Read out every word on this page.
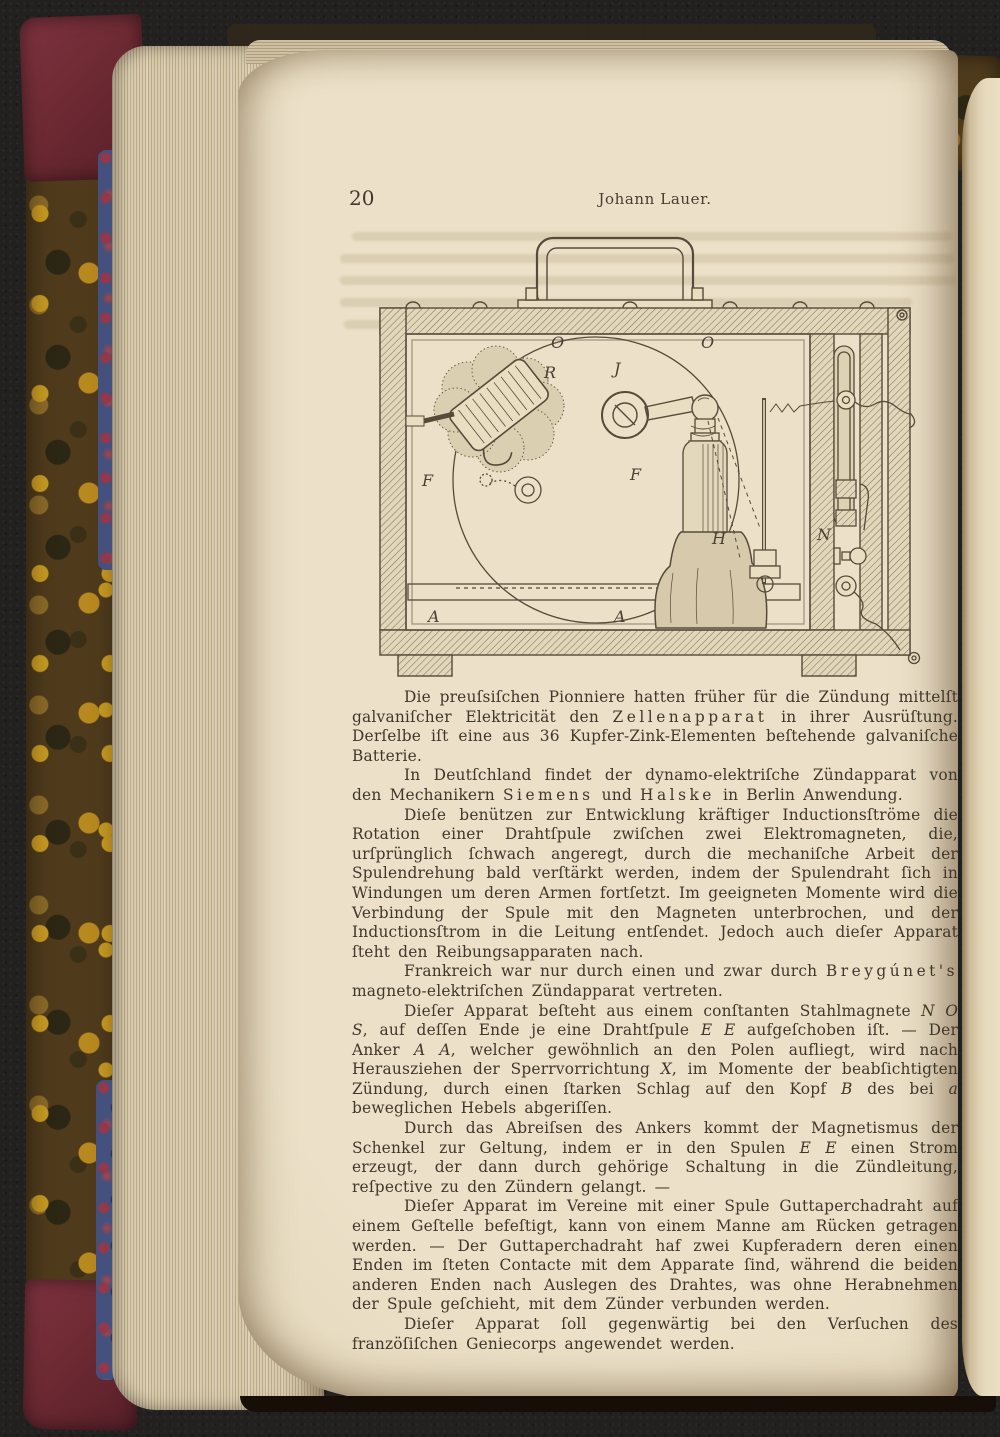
20	Johann Lauer.
O	O
R	J
F	F
A	A
H	N

Die preuſsiſchen Pionniere hatten früher für die Zündung mittelſt galvaniſcher Elektricität den Zellenapparat in ihrer Ausrüſtung. Derſelbe iſt eine aus 36 Kupfer-Zink-Elementen beſtehende galvaniſche Batterie.

In Deutſchland findet der dynamo-elektriſche Zündapparat von den Mechanikern Siemens und Halske in Berlin Anwendung.

Dieſe benützen zur Entwicklung kräftiger Inductionsſtröme die Rotation einer Drahtſpule zwiſchen zwei Elektromagneten, die, urſprünglich ſchwach angeregt, durch die mechaniſche Arbeit der Spulendrehung bald verſtärkt werden, indem der Spulendraht ſich in Windungen um deren Armen fortſetzt. Im geeigneten Momente wird die Verbindung der Spule mit den Magneten unterbrochen, und der Inductionsſtrom in die Leitung entſendet. Jedoch auch dieſer Apparat ſteht den Reibungsapparaten nach.

Frankreich war nur durch einen und zwar durch Breygúnet's magneto-elektriſchen Zündapparat vertreten.

Dieſer Apparat beſteht aus einem conſtanten Stahlmagnete N O S, auf deſſen Ende je eine Drahtſpule E E aufgeſchoben iſt. — Der Anker A A, welcher gewöhnlich an den Polen aufliegt, wird nach Herausziehen der Sperrvorrichtung X, im Momente der beabſichtigten Zündung, durch einen ſtarken Schlag auf den Kopf B des bei a beweglichen Hebels abgeriſſen.

Durch das Abreiſsen des Ankers kommt der Magnetismus der Schenkel zur Geltung, indem er in den Spulen E E einen Strom erzeugt, der dann durch gehörige Schaltung in die Zündleitung, reſpective zu den Zündern gelangt. —

Dieſer Apparat im Vereine mit einer Spule Guttaperchadraht auf einem Geſtelle befeſtigt, kann von einem Manne am Rücken getragen werden. — Der Guttaperchadraht haf zwei Kupferadern deren einen Enden im ſteten Contacte mit dem Apparate ſind, während die beiden anderen Enden nach Auslegen des Drahtes, was ohne Herabnehmen der Spule geſchieht, mit dem Zünder verbunden werden.

Dieſer Apparat ſoll gegenwärtig bei den Verſuchen des franzöſiſchen Geniecorps angewendet werden.
